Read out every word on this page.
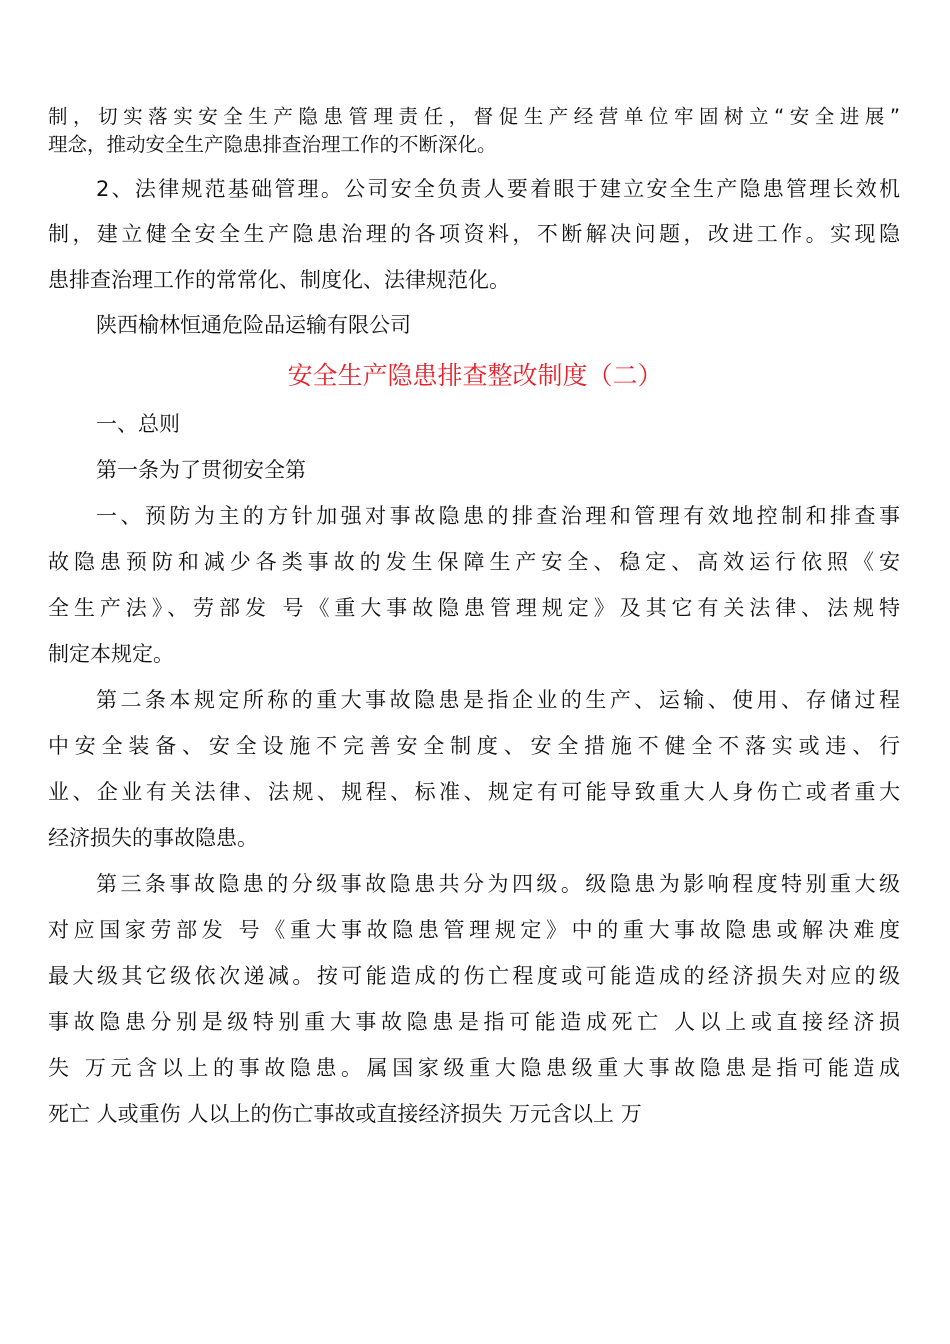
制，切实落实安全生产隐患管理责任，督促生产经营单位牢固树立“安全进展”
理念，推动安全生产隐患排查治理工作的不断深化。
2、法律规范基础管理。公司安全负责人要着眼于建立安全生产隐患管理长效机
制，建立健全安全生产隐患治理的各项资料，不断解决问题，改进工作。实现隐
患排查治理工作的常常化、制度化、法律规范化。
陕西榆林恒通危险品运输有限公司
安全生产隐患排查整改制度（二）
一、总则
第一条为了贯彻安全第
一、预防为主的方针加强对事故隐患的排查治理和管理有效地控制和排查事
故隐患预防和减少各类事故的发生保障生产安全、稳定、高效运行依照《安
全生产法》、劳部发 号《重大事故隐患管理规定》及其它有关法律、法规特
制定本规定。
第二条本规定所称的重大事故隐患是指企业的生产、运输、使用、存储过程
中安全装备、安全设施不完善安全制度、安全措施不健全不落实或违、行
业、企业有关法律、法规、规程、标准、规定有可能导致重大人身伤亡或者重大
经济损失的事故隐患。
第三条事故隐患的分级事故隐患共分为四级。级隐患为影响程度特别重大级
对应国家劳部发 号《重大事故隐患管理规定》中的重大事故隐患或解决难度
最大级其它级依次递减。按可能造成的伤亡程度或可能造成的经济损失对应的级
事故隐患分别是级特别重大事故隐患是指可能造成死亡 人以上或直接经济损
失 万元含以上的事故隐患。属国家级重大隐患级重大事故隐患是指可能造成
死亡 人或重伤 人以上的伤亡事故或直接经济损失 万元含以上 万
